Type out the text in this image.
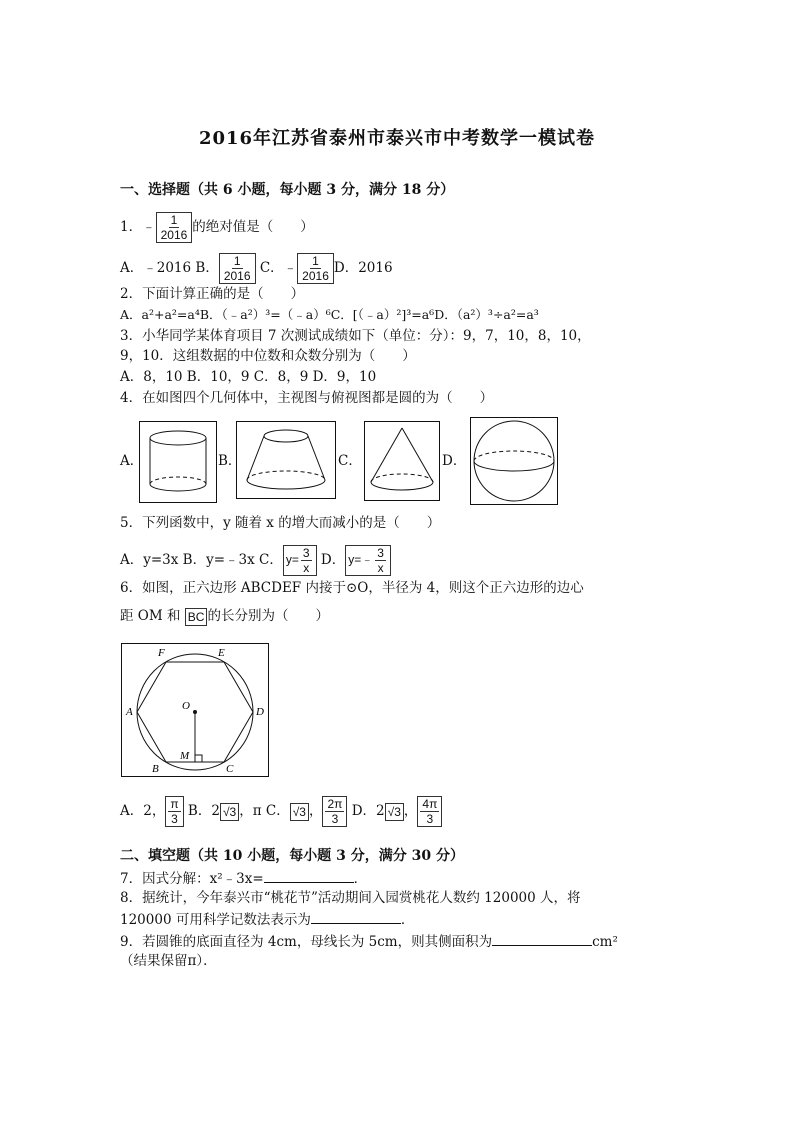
2016年江苏省泰州市泰兴市中考数学一模试卷
一、选择题（共 6 小题，每小题 3 分，满分 18 分）
1．﹣ $\frac{1}{2016}$ 的绝对值是（　　）
A．﹣2016 B． $\frac{1}{2016}$ C．﹣ $\frac{1}{2016}$ D．2016
2．下面计算正确的是（　　）
A．a²+a²=a⁴B．（﹣a²）³=（﹣a）⁶C．[（﹣a）²]³=a⁶D．（a²）³÷a²=a³
3．小华同学某体育项目 7 次测试成绩如下（单位：分）：9，7，10，8，10，
9，10．这组数据的中位数和众数分别为（　　）
A．8，10 B．10，9 C．8，9 D．9，10
4．在如图四个几何体中，主视图与俯视图都是圆的为（　　）
A．	B．	C．	D．
5．下列函数中，y 随着 x 的增大而减小的是（　　）
A．y=3x B．y=﹣3x C． $y= \frac{3}{x}$ D． y=﹣ $\frac{3}{x}$
6．如图，正六边形 ABCDEF 内接于⊙O，半径为 4，则这个正六边形的边心
距 OM 和 BC 的长分别为（　　）
A
B	C
D
E
F
O
M
A．2， $\frac{\pi}{3}$ B．2 √3 ，π C． √3 ， $\frac{2\pi}{3}$ D．2 √3 ， $\frac{4\pi}{3}$
二、填空题（共 10 小题，每小题 3 分，满分 30 分）
7．因式分解：x²﹣3x=	．
8．据统计，今年泰兴市“桃花节”活动期间入园赏桃花人数约 120000 人，将
120000 可用科学记数法表示为	．
9．若圆锥的底面直径为 4cm，母线长为 5cm，则其侧面积为	cm²
（结果保留π）．
